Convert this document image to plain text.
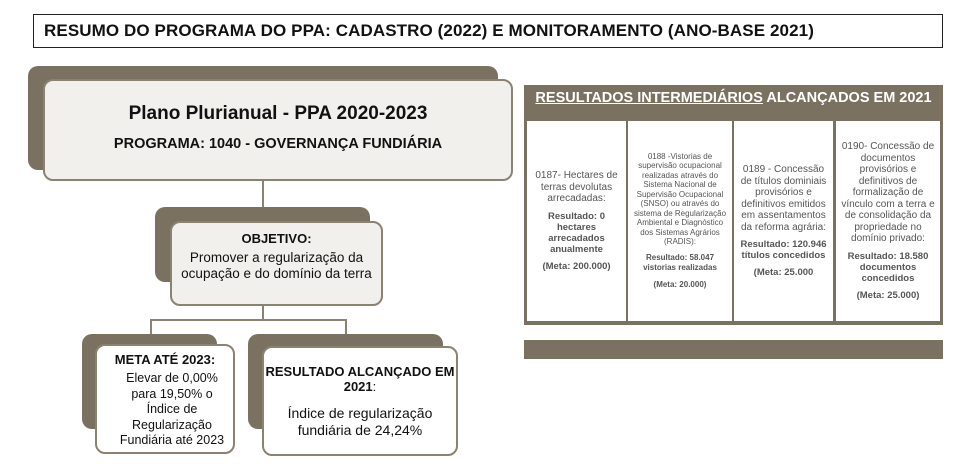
RESUMO DO PROGRAMA DO PPA: CADASTRO (2022) E MONITORAMENTO (ANO-BASE 2021)
Plano Plurianual - PPA 2020-2023
PROGRAMA: 1040 - GOVERNANÇA FUNDIÁRIA
OBJETIVO:
Promover a regularização da ocupação e do domínio da terra
META ATÉ 2023:
Elevar de 0,00% para 19,50% o Índice de Regularização Fundiária até 2023
RESULTADO ALCANÇADO EM 2021:
Índice de regularização fundiária de 24,24%
RESULTADOS INTERMEDIÁRIOS ALCANÇADOS EM 2021
0187- Hectares de terras devolutas arrecadadas:
Resultado: 0 hectares arrecadados anualmente
(Meta: 200.000)
0188 -Vistorias de supervisão ocupacional realizadas através do Sistema Nacional de Supervisão Ocupacional (SNSO) ou através do sistema de Regularização Ambiental e Diagnóstico dos Sistemas Agrários (RADIS):
Resultado: 58.047 vistorias realizadas
(Meta: 20.000)
0189 - Concessão de títulos dominiais provisórios e definitivos emitidos em assentamentos da reforma agrária:
Resultado: 120.946 títulos concedidos
(Meta: 25.000
0190- Concessão de documentos provisórios e definitivos de formalização de vínculo com a terra e de consolidação da propriedade no domínio privado:
Resultado: 18.580 documentos concedidos
(Meta: 25.000)
